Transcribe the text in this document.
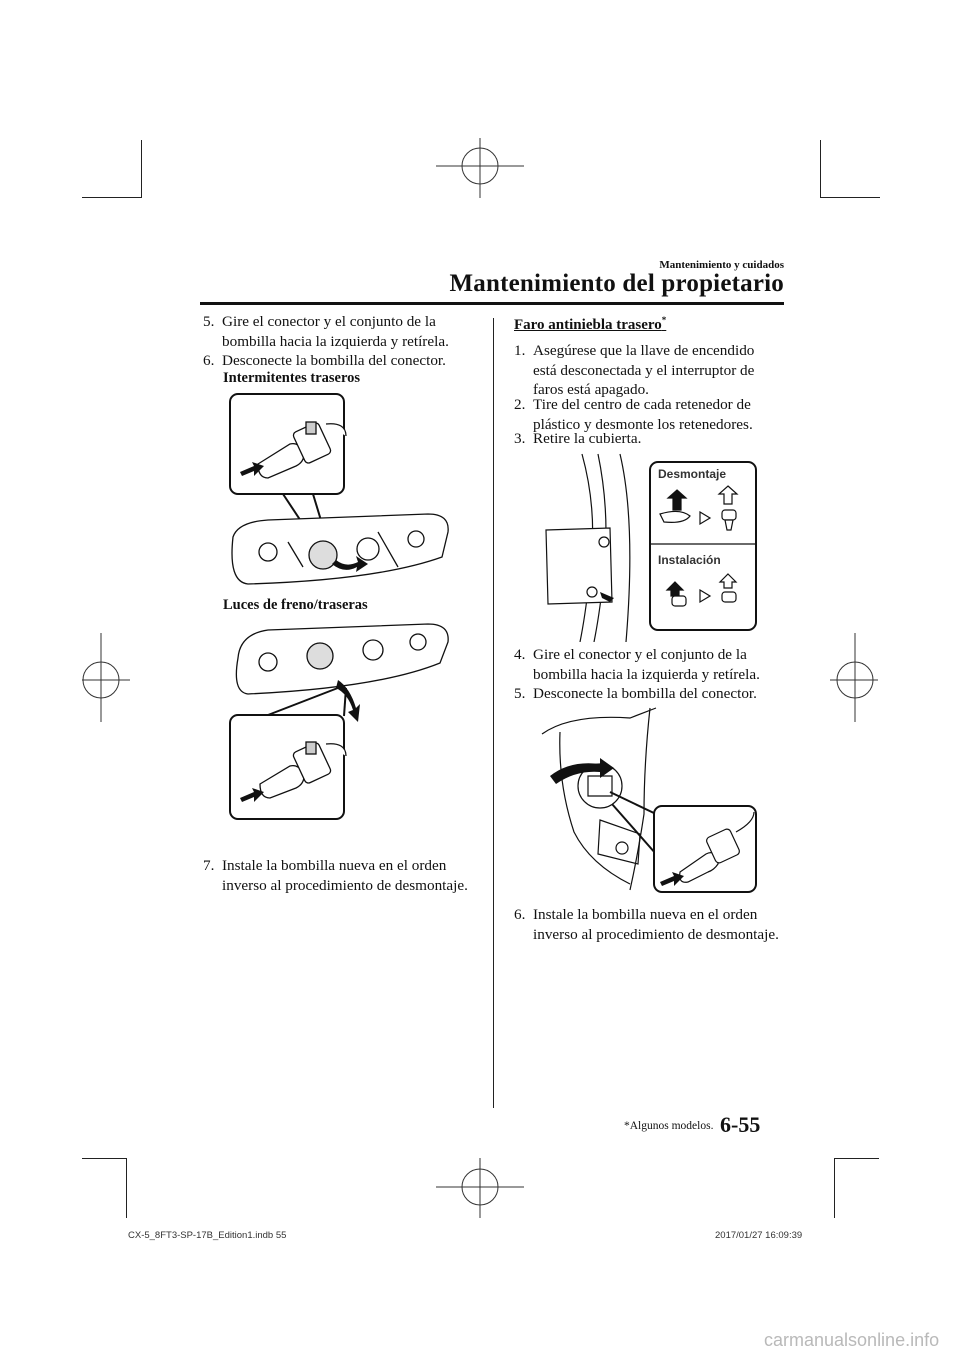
Mantenimiento y cuidados
Mantenimiento del propietario
5. Gire el conector y el conjunto de la bombilla hacia la izquierda y retírela.
6. Desconecte la bombilla del conector.
Intermitentes traseros
Luces de freno/traseras
7. Instale la bombilla nueva en el orden inverso al procedimiento de desmontaje.
Faro antiniebla trasero*
1. Asegúrese que la llave de encendido está desconectada y el interruptor de faros está apagado.
2. Tire del centro de cada retenedor de plástico y desmonte los retenedores.
3. Retire la cubierta.
Desmontaje
Instalación
4. Gire el conector y el conjunto de la bombilla hacia la izquierda y retírela.
5. Desconecte la bombilla del conector.
6. Instale la bombilla nueva en el orden inverso al procedimiento de desmontaje.
*Algunos modelos. 6-55
CX-5_8FT3-SP-17B_Edition1.indb 55	2017/01/27 16:09:39
carmanualsonline.info
